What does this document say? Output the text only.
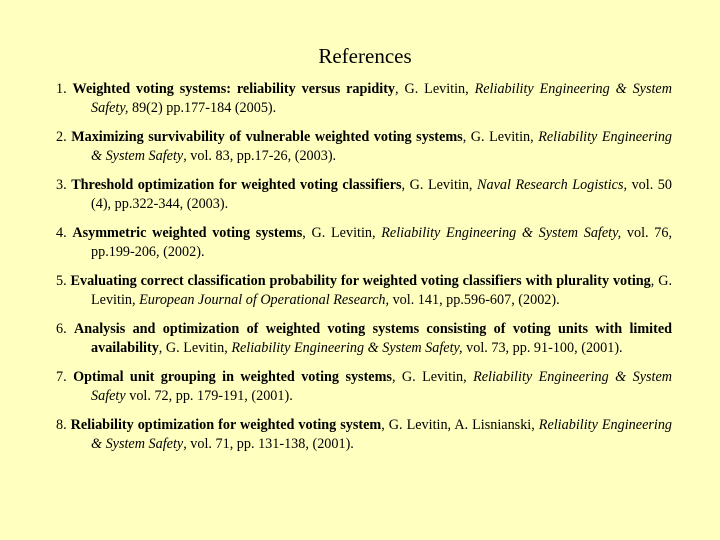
References

1. Weighted voting systems: reliability versus rapidity, G. Levitin, Reliability Engineering & System Safety, 89(2) pp.177-184 (2005).

2. Maximizing survivability of vulnerable weighted voting systems, G. Levitin, Reliability Engineering & System Safety, vol. 83, pp.17-26, (2003).

3. Threshold optimization for weighted voting classifiers, G. Levitin, Naval Research Logistics, vol. 50 (4), pp.322-344, (2003).

4. Asymmetric weighted voting systems, G. Levitin, Reliability Engineering & System Safety, vol. 76, pp.199-206, (2002).

5. Evaluating correct classification probability for weighted voting classifiers with plurality voting, G. Levitin, European Journal of Operational Research, vol. 141, pp.596-607, (2002).

6. Analysis and optimization of weighted voting systems consisting of voting units with limited availability, G. Levitin, Reliability Engineering & System Safety, vol. 73, pp. 91-100, (2001).

7. Optimal unit grouping in weighted voting systems, G. Levitin, Reliability Engineering & System Safety vol. 72, pp. 179-191, (2001).

8. Reliability optimization for weighted voting system, G. Levitin, A. Lisnianski, Reliability Engineering & System Safety, vol. 71, pp. 131-138, (2001).
